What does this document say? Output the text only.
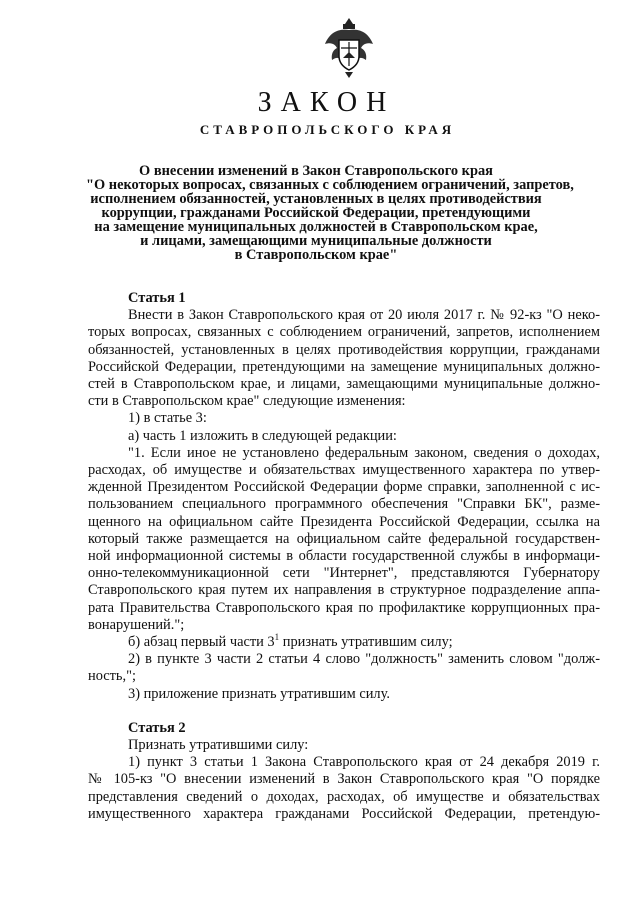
ЗАКОН
СТАВРОПОЛЬСКОГО КРАЯ
О внесении изменений в Закон Ставропольского края
"О некоторых вопросах, связанных с соблюдением ограничений, запретов,
исполнением обязанностей, установленных в целях противодействия
коррупции, гражданами Российской Федерации, претендующими
на замещение муниципальных должностей в Ставропольском крае,
и лицами, замещающими муниципальные должности
в Ставропольском крае"
Статья 1
Внести в Закон Ставропольского края от 20 июля 2017 г. № 92-кз "О неко-
торых вопросах, связанных с соблюдением ограничений, запретов, исполнением
обязанностей, установленных в целях противодействия коррупции, гражданами
Российской Федерации, претендующими на замещение муниципальных должно-
стей в Ставропольском крае, и лицами, замещающими муниципальные должно-
сти в Ставропольском крае" следующие изменения:
1) в статье 3:
а) часть 1 изложить в следующей редакции:
"1. Если иное не установлено федеральным законом, сведения о доходах,
расходах, об имуществе и обязательствах имущественного характера по утвер-
жденной Президентом Российской Федерации форме справки, заполненной с ис-
пользованием специального программного обеспечения "Справки БК", разме-
щенного на официальном сайте Президента Российской Федерации, ссылка на
который также размещается на официальном сайте федеральной государствен-
ной информационной системы в области государственной службы в информаци-
онно-телекоммуникационной сети "Интернет", представляются Губернатору
Ставропольского края путем их направления в структурное подразделение аппа-
рата Правительства Ставропольского края по профилактике коррупционных пра-
вонарушений.";
б) абзац первый части $3^1$ признать утратившим силу;
2) в пункте 3 части 2 статьи 4 слово "должность" заменить словом "долж-
ность,";
3) приложение признать утратившим силу.
Статья 2
Признать утратившими силу:
1) пункт 3 статьи 1 Закона Ставропольского края от 24 декабря 2019 г.
№ 105-кз "О внесении изменений в Закон Ставропольского края "О порядке
представления сведений о доходах, расходах, об имуществе и обязательствах
имущественного характера гражданами Российской Федерации, претендую-
